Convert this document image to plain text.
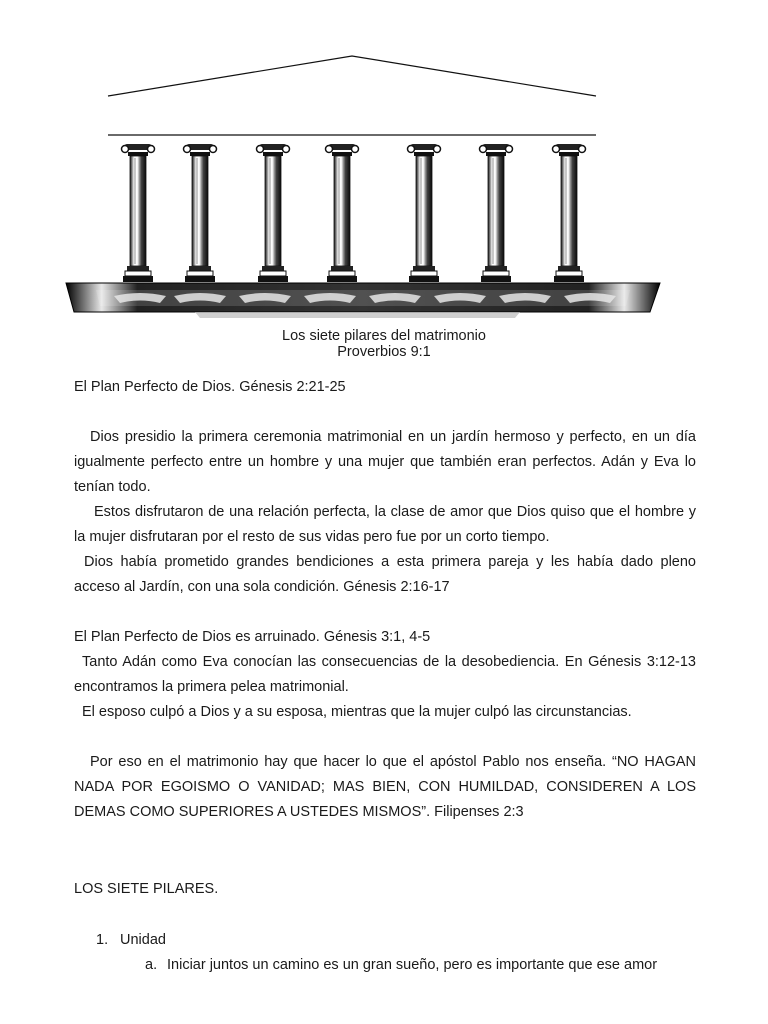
Los siete pilares del matrimonio
Proverbios 9:1
El Plan Perfecto de Dios. Génesis 2:21-25

Dios presidio la primera ceremonia matrimonial en un jardín hermoso y perfecto, en un día igualmente perfecto entre un hombre y una mujer que también eran perfectos. Adán y Eva lo tenían todo.

Estos disfrutaron de una relación perfecta, la clase de amor que Dios quiso que el hombre y la mujer disfrutaran por el resto de sus vidas pero fue por un corto tiempo.

Dios había prometido grandes bendiciones a esta primera pareja y les había dado pleno acceso al Jardín, con una sola condición. Génesis 2:16-17

El Plan Perfecto de Dios es arruinado. Génesis 3:1, 4-5

Tanto Adán como Eva conocían las consecuencias de la desobediencia. En Génesis 3:12-13 encontramos la primera pelea matrimonial.

El esposo culpó a Dios y a su esposa, mientras que la mujer culpó las circunstancias.

Por eso en el matrimonio hay que hacer lo que el apóstol Pablo nos enseña. “NO HAGAN NADA POR EGOISMO O VANIDAD; MAS BIEN, CON HUMILDAD, CONSIDEREN A LOS DEMAS COMO SUPERIORES A USTEDES MISMOS”. Filipenses 2:3

LOS SIETE PILARES.
1. Unidad
a. Iniciar juntos un camino es un gran sueño, pero es importante que ese amor
